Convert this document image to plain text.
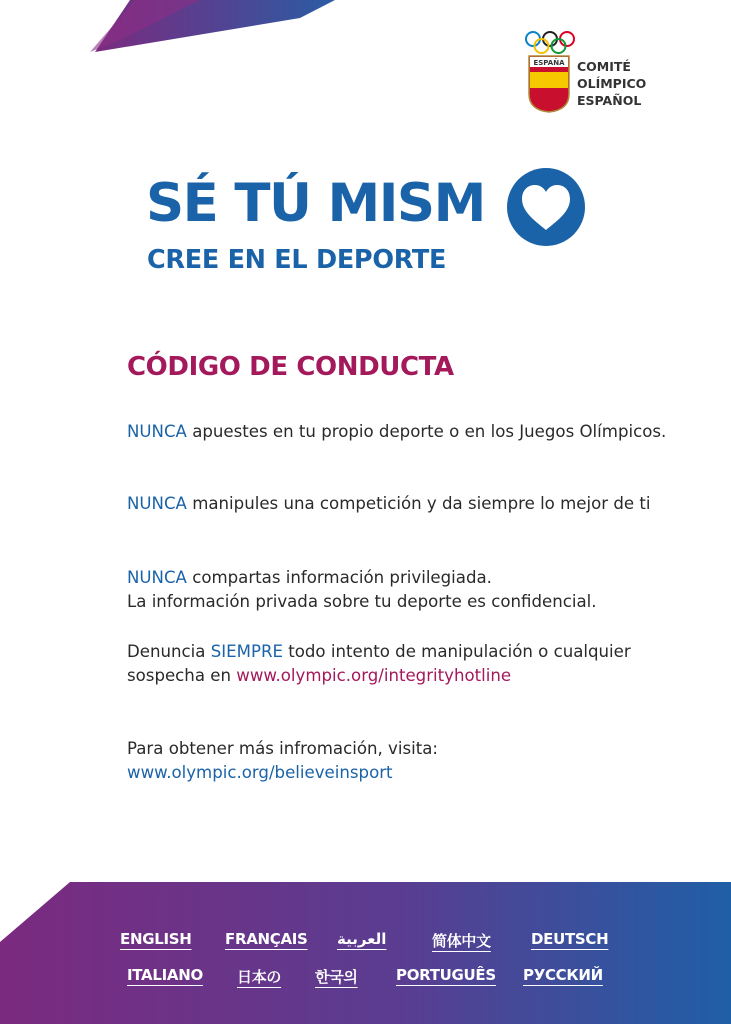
ESPAÑA COMITÉ
OLÍMPICO
ESPAÑOL
SÉ TÚ MISM
CREE EN EL DEPORTE
CÓDIGO DE CONDUCTA
NUNCA apuestes en tu propio deporte o en los Juegos Olímpicos.
NUNCA manipules una competición y da siempre lo mejor de ti
NUNCA compartas información privilegiada.
La información privada sobre tu deporte es confidencial.
Denuncia SIEMPRE todo intento de manipulación o cualquier sospecha en www.olympic.org/integrityhotline
Para obtener más infromación, visita:
www.olympic.org/believeinsport
ENGLISH FRANÇAIS العربية	简体中文	DEUTSCH
ITALIANO 日本の 한국의	PORTUGUÊS РУССКИЙ
